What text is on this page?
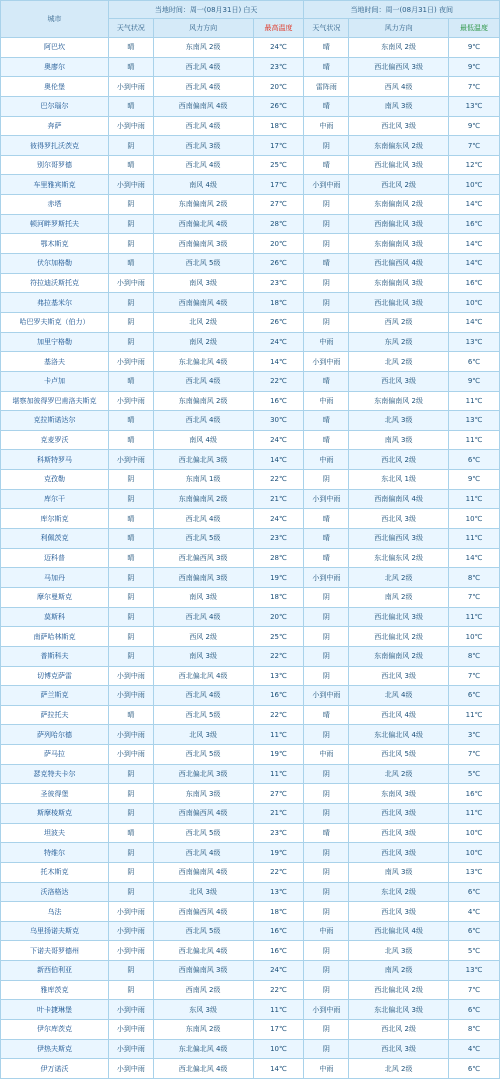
城市	当地时间：周一(08月31日) 白天			当地时间：周一(08月31日) 夜间		
	天气状况	风力方向	最高温度	天气状况	风力方向	最低温度
阿巴坎	晴	东南风 2级	24℃	晴	东南风 2级	9℃
奥廖尔	晴	西北风 4级	23℃	晴	西北偏西风 3级	9℃
奥伦堡	小到中雨	西北风 4级	20℃	雷阵雨	西风 4级	7℃
巴尔瑙尔	晴	西南偏南风 4级	26℃	晴	南风 3级	13℃
奔萨	小到中雨	西北风 4级	18℃	中雨	西北风 3级	9℃
彼得罗扎沃茨克	阴	西北风 3级	17℃	阴	东南偏东风 2级	7℃
别尔哥罗德	晴	西北风 4级	25℃	晴	西北偏北风 3级	12℃
车里雅宾斯克	小到中雨	南风 4级	17℃	小到中雨	西北风 2级	10℃
赤塔	阴	东南偏南风 2级	27℃	阴	东南偏南风 2级	14℃
顿河畔罗斯托夫	阴	西南偏北风 4级	28℃	阴	西南偏北风 3级	16℃
鄂木斯克	阴	西南偏南风 3级	20℃	阴	东南偏南风 3级	14℃
伏尔加格勒	晴	西北风 5级	26℃	晴	西北偏西风 4级	14℃
符拉迪沃斯托克	小到中雨	南风 3级	23℃	阴	东南偏南风 3级	16℃
弗拉基米尔	阴	西南偏南风 4级	18℃	阴	西北偏北风 3级	10℃
哈巴罗夫斯克（伯力）	阴	北风 2级	26℃	阴	西风 2级	14℃
加里宁格勒	阴	南风 2级	24℃	中雨	东风 2级	13℃
基洛夫	小到中雨	东北偏北风 4级	14℃	小到中雨	北风 2级	6℃
卡卢加	晴	西北风 4级	22℃	晴	西北风 3级	9℃
堪察加彼得罗巴甫洛夫斯克	小到中雨	东南偏南风 2级	16℃	中雨	东南偏南风 2级	11℃
克拉斯诺达尔	晴	西北风 4级	30℃	晴	北风 3级	13℃
克麦罗沃	晴	南风 4级	24℃	晴	南风 3级	11℃
科斯特罗马	小到中雨	西北偏北风 3级	14℃	中雨	西北风 2级	6℃
克孜勒	阴	东南风 1级	22℃	阴	东北风 1级	9℃
库尔干	阴	东南偏南风 2级	21℃	小到中雨	西南偏南风 4级	11℃
库尔斯克	晴	西北风 4级	24℃	晴	西北风 3级	10℃
利佩茨克	晴	西北风 5级	23℃	晴	西北偏西风 3级	11℃
迈科普	晴	西北偏西风 3级	28℃	晴	东北偏东风 2级	14℃
马加丹	阴	西南偏南风 3级	19℃	小到中雨	北风 2级	8℃
摩尔曼斯克	阴	南风 3级	18℃	阴	南风 2级	7℃
莫斯科	阴	西北风 4级	20℃	阴	西北偏北风 3级	11℃
南萨哈林斯克	阴	西风 2级	25℃	阴	西北偏北风 2级	10℃
普斯科夫	阴	南风 3级	22℃	阴	东南偏南风 2级	8℃
切博克萨雷	小到中雨	西北偏北风 4级	13℃	阴	西北风 3级	7℃
萨兰斯克	小到中雨	西北风 4级	16℃	小到中雨	北风 4级	6℃
萨拉托夫	晴	西北风 5级	22℃	晴	西北风 4级	11℃
萨列哈尔德	小到中雨	北风 3级	11℃	阴	东北偏北风 4级	3℃
萨马拉	小到中雨	西北风 5级	19℃	中雨	西北风 5级	7℃
瑟克特夫卡尔	阴	西北偏北风 3级	11℃	阴	北风 2级	5℃
圣彼得堡	阴	东南风 3级	27℃	阴	东南风 3级	16℃
斯摩棱斯克	阴	西南偏西风 4级	21℃	阴	西北风 3级	11℃
坦波夫	晴	西北风 5级	23℃	晴	西北风 3级	10℃
特维尔	阴	西北风 4级	19℃	阴	西北风 3级	10℃
托木斯克	阴	西南偏南风 4级	22℃	阴	南风 3级	13℃
沃洛格达	阴	北风 3级	13℃	阴	东北风 2级	6℃
乌法	小到中雨	西南偏西风 4级	18℃	阴	西北风 3级	4℃
乌里扬诺夫斯克	小到中雨	西北风 5级	16℃	中雨	西北偏北风 4级	6℃
下诺夫哥罗德州	小到中雨	西北偏北风 4级	16℃	阴	北风 3级	5℃
新西伯利亚	阴	西南偏南风 3级	24℃	阴	南风 2级	13℃
雅库茨克	阴	西南风 2级	22℃	阴	西北偏北风 2级	7℃
叶卡捷琳堡	小到中雨	东风 3级	11℃	小到中雨	东北偏北风 3级	6℃
伊尔库茨克	小到中雨	东南风 2级	17℃	阴	西北风 2级	8℃
伊热夫斯克	小到中雨	东北偏北风 4级	10℃	阴	西北风 3级	4℃
伊万诺沃	小到中雨	西北偏北风 4级	14℃	中雨	北风 2级	6℃
